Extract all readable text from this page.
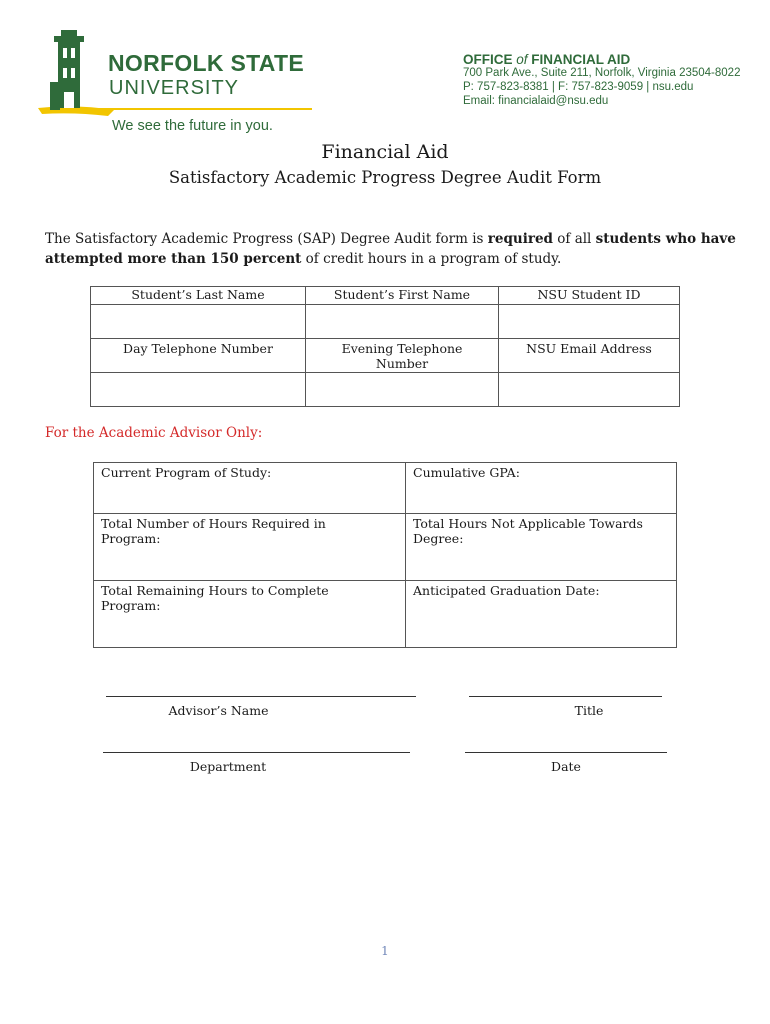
NORFOLK STATE
UNIVERSITY
We see the future in you.
OFFICE of FINANCIAL AID
700 Park Ave., Suite 211, Norfolk, Virginia 23504-8022
P: 757-823-8381 | F: 757-823-9059 | nsu.edu
Email: financialaid@nsu.edu
Financial Aid
Satisfactory Academic Progress Degree Audit Form
The Satisfactory Academic Progress (SAP) Degree Audit form is required of all students who have attempted more than 150 percent of credit hours in a program of study.
Student’s Last Name	Student’s First Name	NSU Student ID

Day Telephone Number	Evening Telephone Number	NSU Email Address

For the Academic Advisor Only:
Current Program of Study:	Cumulative GPA:
Total Number of Hours Required in Program:	Total Hours Not Applicable Towards Degree:
Total Remaining Hours to Complete Program:	Anticipated Graduation Date:
Advisor’s Name	Title
Department	Date
1
